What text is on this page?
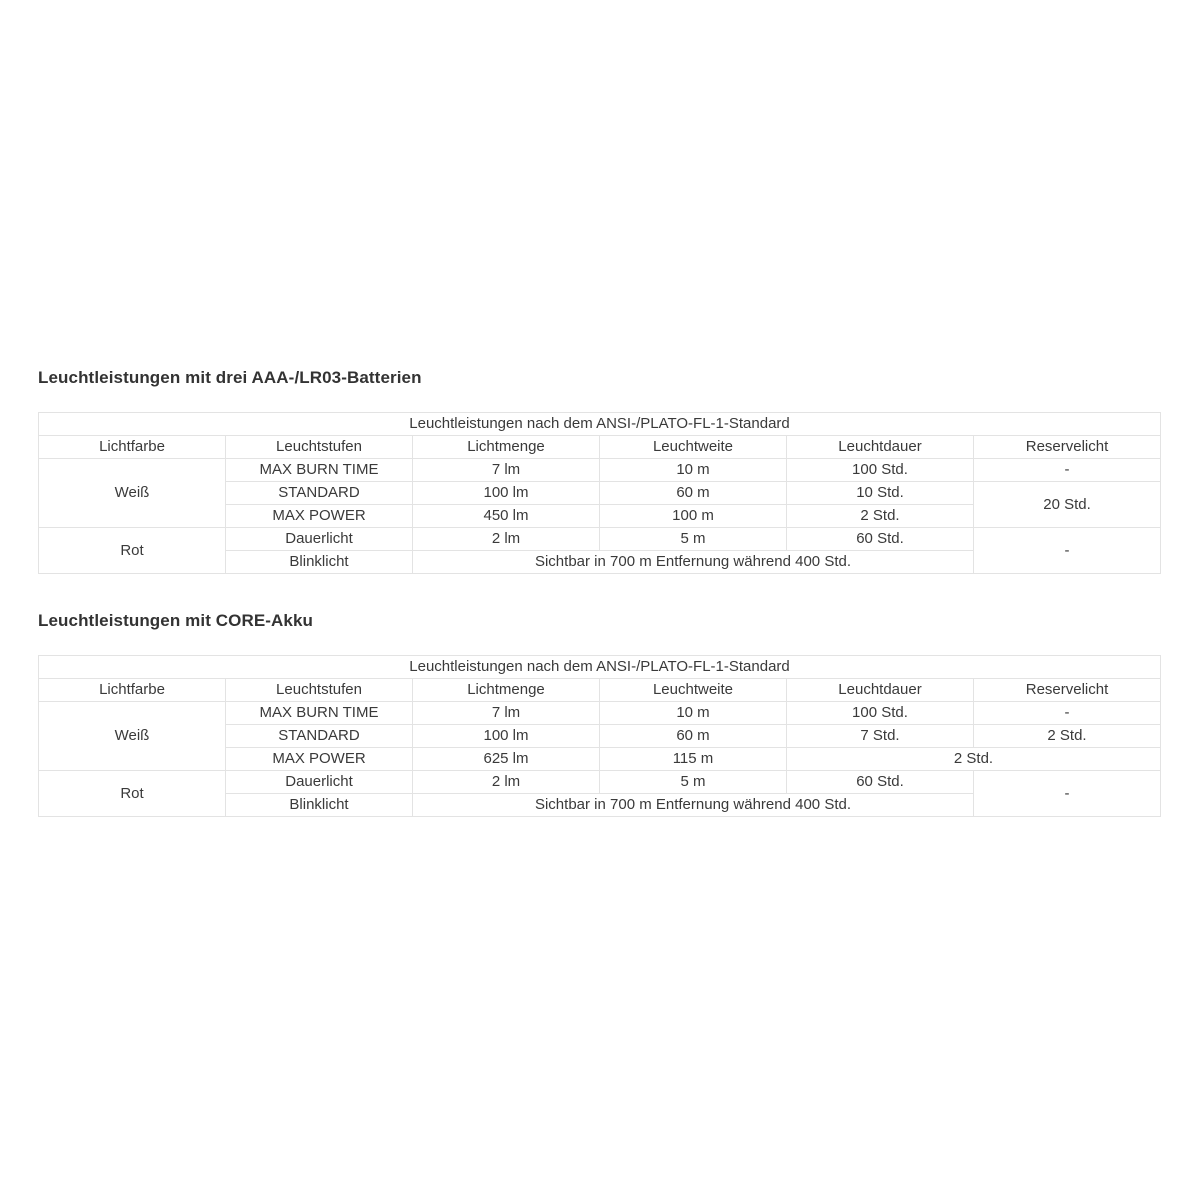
Leuchtleistungen mit drei AAA-/LR03-Batterien
Leuchtleistungen nach dem ANSI-/PLATO-FL-1-Standard					
Lichtfarbe	Leuchtstufen	Lichtmenge	Leuchtweite	Leuchtdauer	Reservelicht
Weiß	MAX BURN TIME	7 lm	10 m	100 Std.	-
	STANDARD	100 lm	60 m	10 Std.	20 Std.
	MAX POWER	450 lm	100 m	2 Std.	
Rot	Dauerlicht	2 lm	5 m	60 Std.	-
	Blinklicht	Sichtbar in 700 m Entfernung während 400 Std.			
Leuchtleistungen mit CORE-Akku
Leuchtleistungen nach dem ANSI-/PLATO-FL-1-Standard					
Lichtfarbe	Leuchtstufen	Lichtmenge	Leuchtweite	Leuchtdauer	Reservelicht
Weiß	MAX BURN TIME	7 lm	10 m	100 Std.	-
	STANDARD	100 lm	60 m	7 Std.	2 Std.
	MAX POWER	625 lm	115 m	2 Std.	
Rot	Dauerlicht	2 lm	5 m	60 Std.	-
	Blinklicht	Sichtbar in 700 m Entfernung während 400 Std.			
